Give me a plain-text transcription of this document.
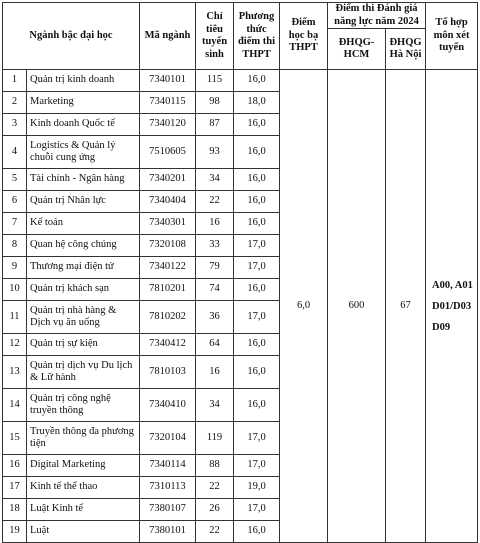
Ngành bậc đại học		Mã ngành	Chỉ tiêu tuyển sinh	Phương thức điểm thi THPT	Điểm học bạ THPT	Điểm thi Đánh giá năng lực năm 2024		Tổ hợp môn xét tuyển
						ĐHQG-HCM	ĐHQG Hà Nội	
1	Quản trị kinh doanh	7340101	115	16,0	6,0	600	67	A00, A01
D01/D03
D09

2	Marketing	7340115	98	18,0				
3	Kinh doanh Quốc tế	7340120	87	16,0				
4	Logistics & Quản lý chuỗi cung ứng	7510605	93	16,0				
5	Tài chính - Ngân hàng	7340201	34	16,0				
6	Quản trị Nhân lực	7340404	22	16,0				
7	Kế toán	7340301	16	16,0				
8	Quan hệ công chúng	7320108	33	17,0				
9	Thương mại điện tử	7340122	79	17,0				
10	Quản trị khách sạn	7810201	74	16,0				
11	Quản trị nhà hàng & Dịch vụ ăn uống	7810202	36	17,0				
12	Quản trị sự kiện	7340412	64	16,0				
13	Quản trị dịch vụ Du lịch & Lữ hành	7810103	16	16,0				
14	Quản trị công nghệ truyền thông	7340410	34	16,0				
15	Truyền thông đa phương tiện	7320104	119	17,0				
16	Digital Marketing	7340114	88	17,0				
17	Kinh tế thể thao	7310113	22	19,0				
18	Luật Kinh tế	7380107	26	17,0				
19	Luật	7380101	22	16,0				
